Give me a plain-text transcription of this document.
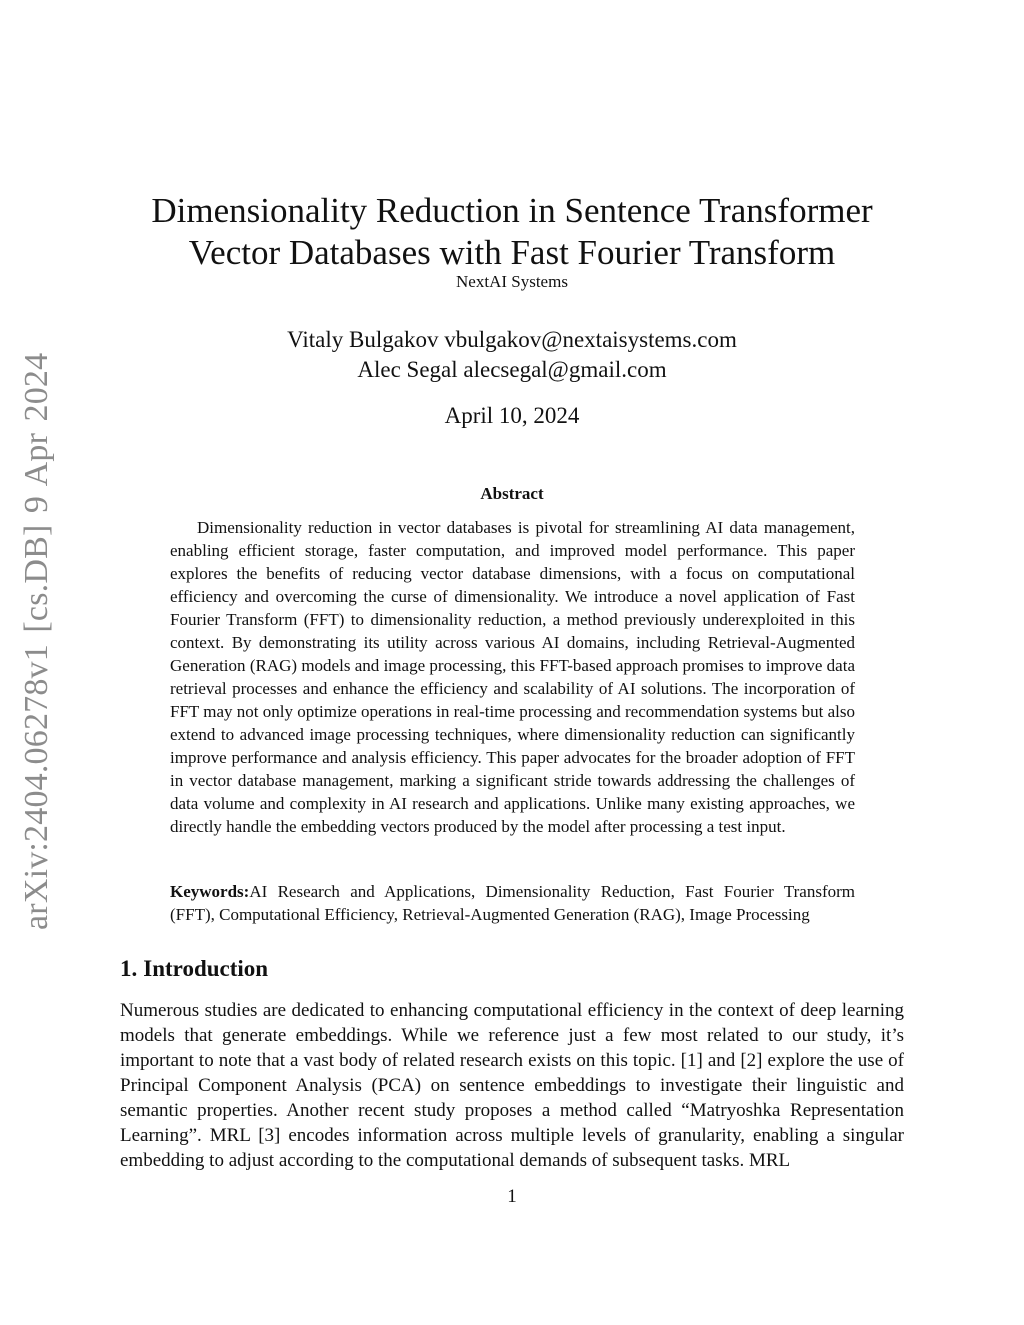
arXiv:2404.06278v1 [cs.DB] 9 Apr 2024
Dimensionality Reduction in Sentence Transformer
Vector Databases with Fast Fourier Transform
NextAI Systems
Vitaly Bulgakov vbulgakov@nextaisystems.com
Alec Segal alecsegal@gmail.com
April 10, 2024
Abstract

Dimensionality reduction in vector databases is pivotal for streamlining AI data management, enabling efficient storage, faster computation, and improved model performance. This paper explores the benefits of reducing vector database dimensions, with a focus on computational efficiency and overcoming the curse of dimensionality. We introduce a novel application of Fast Fourier Transform (FFT) to dimensionality reduction, a method previously underexploited in this context. By demonstrating its utility across various AI domains, including Retrieval-Augmented Generation (RAG) models and image processing, this FFT-based approach promises to improve data retrieval processes and enhance the efficiency and scalability of AI solutions. The incorporation of FFT may not only optimize operations in real-time processing and recommendation systems but also extend to advanced image processing techniques, where dimensionality reduction can significantly improve performance and analysis efficiency. This paper advocates for the broader adoption of FFT in vector database management, marking a significant stride towards addressing the challenges of data volume and complexity in AI research and applications. Unlike many existing approaches, we directly handle the embedding vectors produced by the model after processing a test input.

Keywords:AI Research and Applications, Dimensionality Reduction, Fast Fourier Transform (FFT), Computational Efficiency, Retrieval-Augmented Generation (RAG), Image Processing

1. Introduction

Numerous studies are dedicated to enhancing computational efficiency in the context of deep learning models that generate embeddings. While we reference just a few most related to our study, it’s important to note that a vast body of related research exists on this topic. [1] and [2] explore the use of Principal Component Analysis (PCA) on sentence embeddings to investigate their linguistic and semantic properties. Another recent study proposes a method called “Matryoshka Representation Learning”. MRL [3] encodes information across multiple levels of granularity, enabling a singular embedding to adjust according to the computational demands of subsequent tasks. MRL

1
